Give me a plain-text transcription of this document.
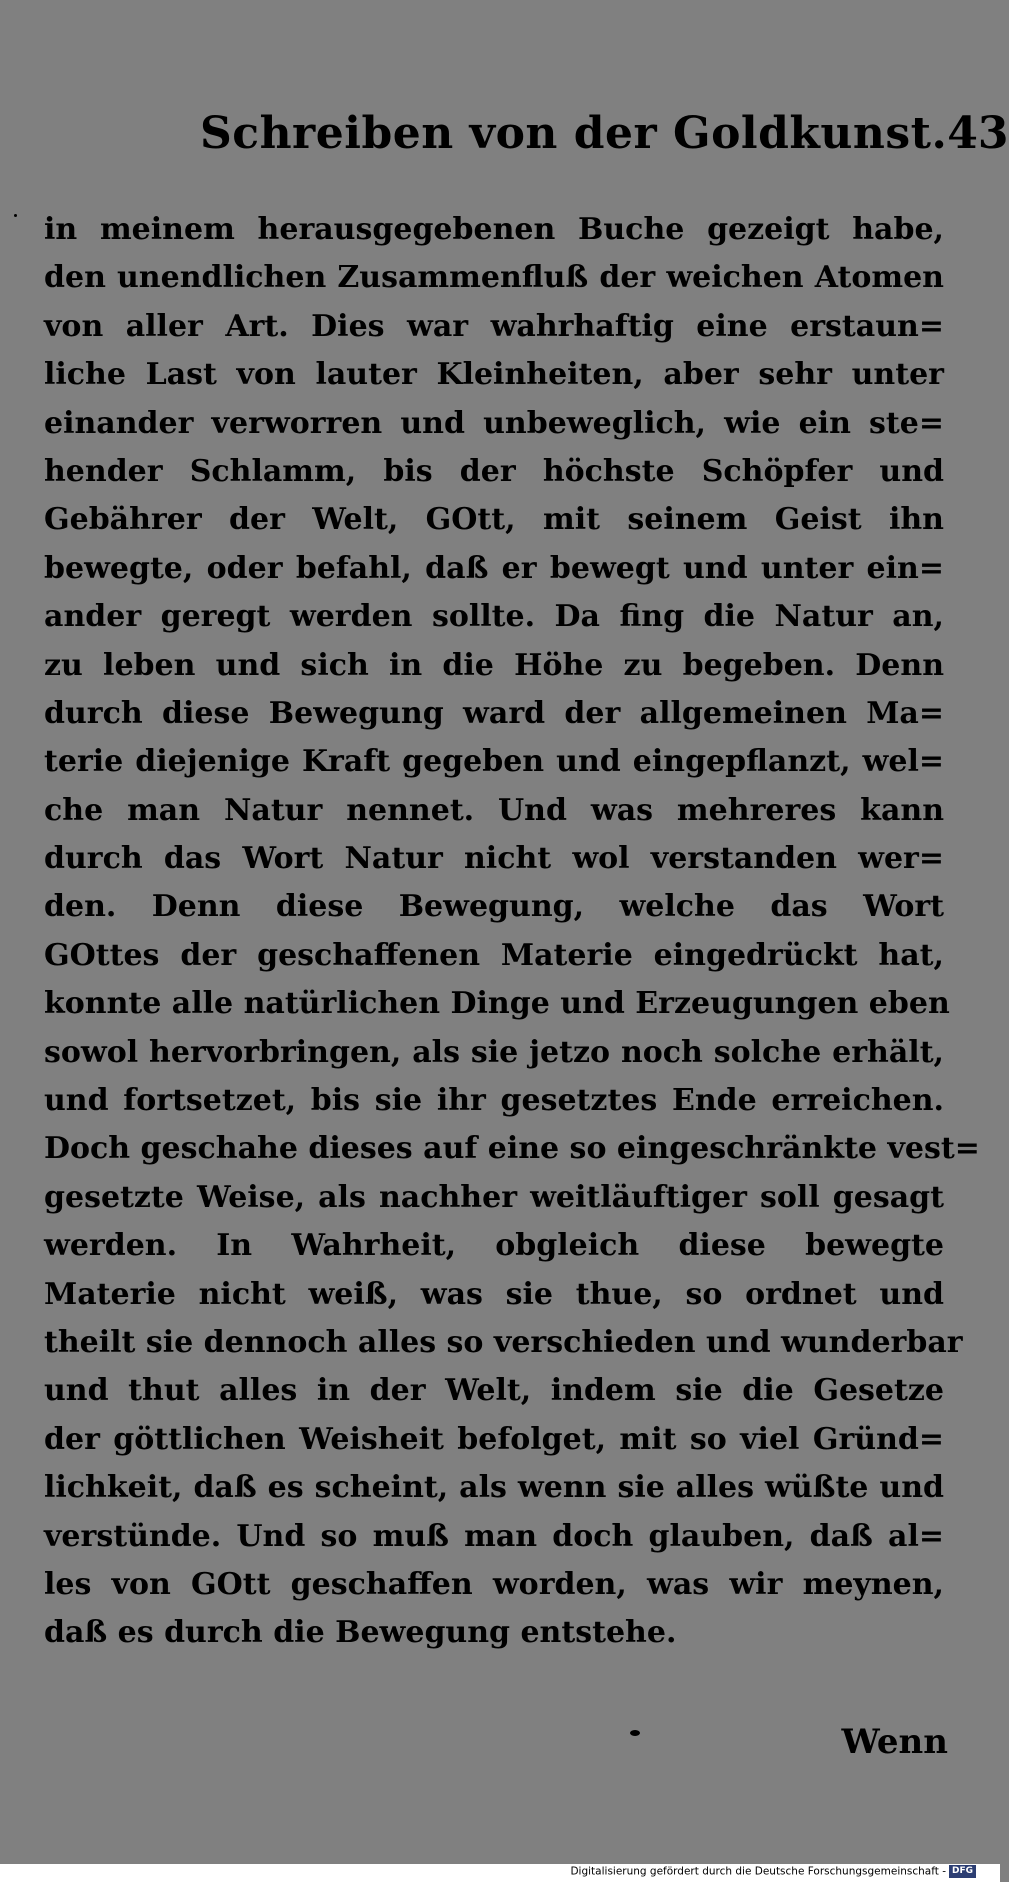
Schreiben von der Goldkunst. 43
in meinem herausgegebenen Buche gezeigt habe,
den unendlichen Zusammenfluß der weichen Atomen
von aller Art. Dies war wahrhaftig eine erstaun=
liche Last von lauter Kleinheiten, aber sehr unter
einander verworren und unbeweglich, wie ein ste=
hender Schlamm, bis der höchste Schöpfer und
Gebährer der Welt, GOtt, mit seinem Geist ihn
bewegte, oder befahl, daß er bewegt und unter ein=
ander geregt werden sollte. Da fing die Natur an,
zu leben und sich in die Höhe zu begeben. Denn
durch diese Bewegung ward der allgemeinen Ma=
terie diejenige Kraft gegeben und eingepflanzt, wel=
che man Natur nennet. Und was mehreres kann
durch das Wort Natur nicht wol verstanden wer=
den. Denn diese Bewegung, welche das Wort
GOttes der geschaffenen Materie eingedrückt hat,
konnte alle natürlichen Dinge und Erzeugungen eben
sowol hervorbringen, als sie jetzo noch solche erhält,
und fortsetzet, bis sie ihr gesetztes Ende erreichen.
Doch geschahe dieses auf eine so eingeschränkte vest=
gesetzte Weise, als nachher weitläuftiger soll gesagt
werden. In Wahrheit, obgleich diese bewegte
Materie nicht weiß, was sie thue, so ordnet und
theilt sie dennoch alles so verschieden und wunderbar
und thut alles in der Welt, indem sie die Gesetze
der göttlichen Weisheit befolget, mit so viel Gründ=
lichkeit, daß es scheint, als wenn sie alles wüßte und
verstünde. Und so muß man doch glauben, daß al=
les von GOtt geschaffen worden, was wir meynen,
daß es durch die Bewegung entstehe.
Wenn
Digitalisierung gefördert durch die Deutsche Forschungsgemeinschaft - DFG
